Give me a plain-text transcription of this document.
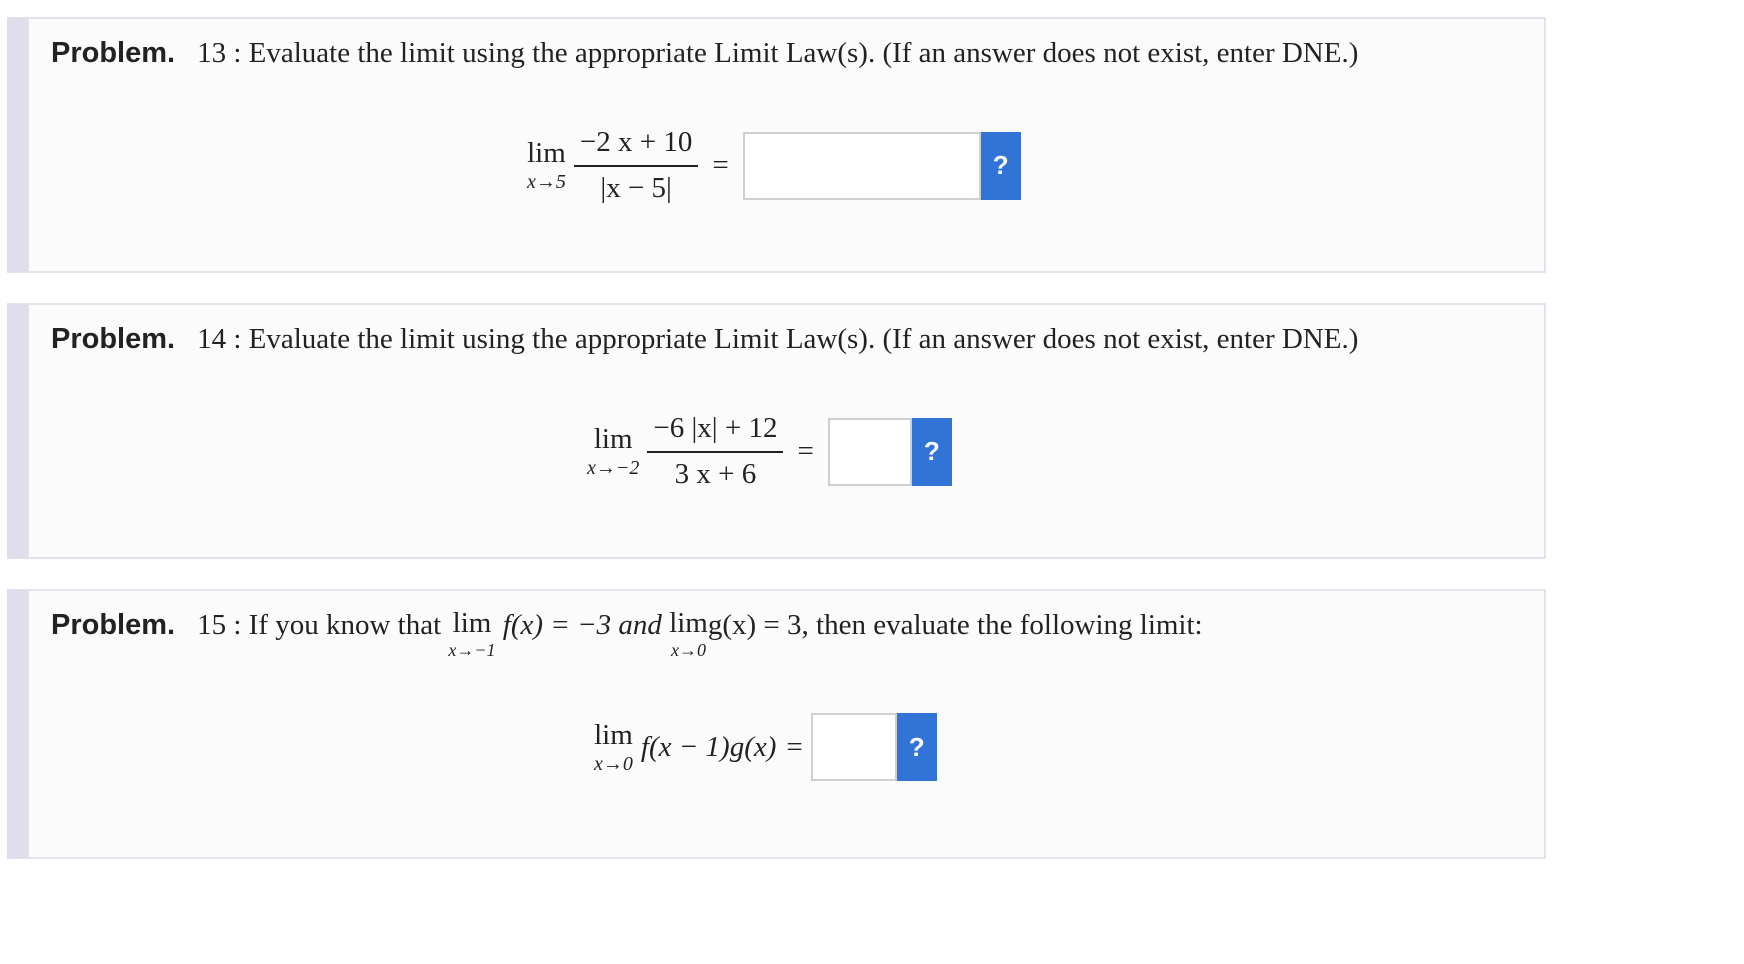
Problem. 13 : Evaluate the limit using the appropriate Limit Law(s). (If an answer does not exist, enter DNE.)
lim
$x\to 5 \frac{-2 x + 10}{|x - 5|}$ =	?
Problem. 14 : Evaluate the limit using the appropriate Limit Law(s). (If an answer does not exist, enter DNE.)
lim
$x\to-2 \frac{-6 |x| + 12}{3 x + 6}$ =	?
Problem. 15 : If you know that lim
x→−1
f(x) = −3 and lim
x→0
g(x) = 3, then evaluate the following limit:
lim
x→0
f(x − 1)g(x) =	?
